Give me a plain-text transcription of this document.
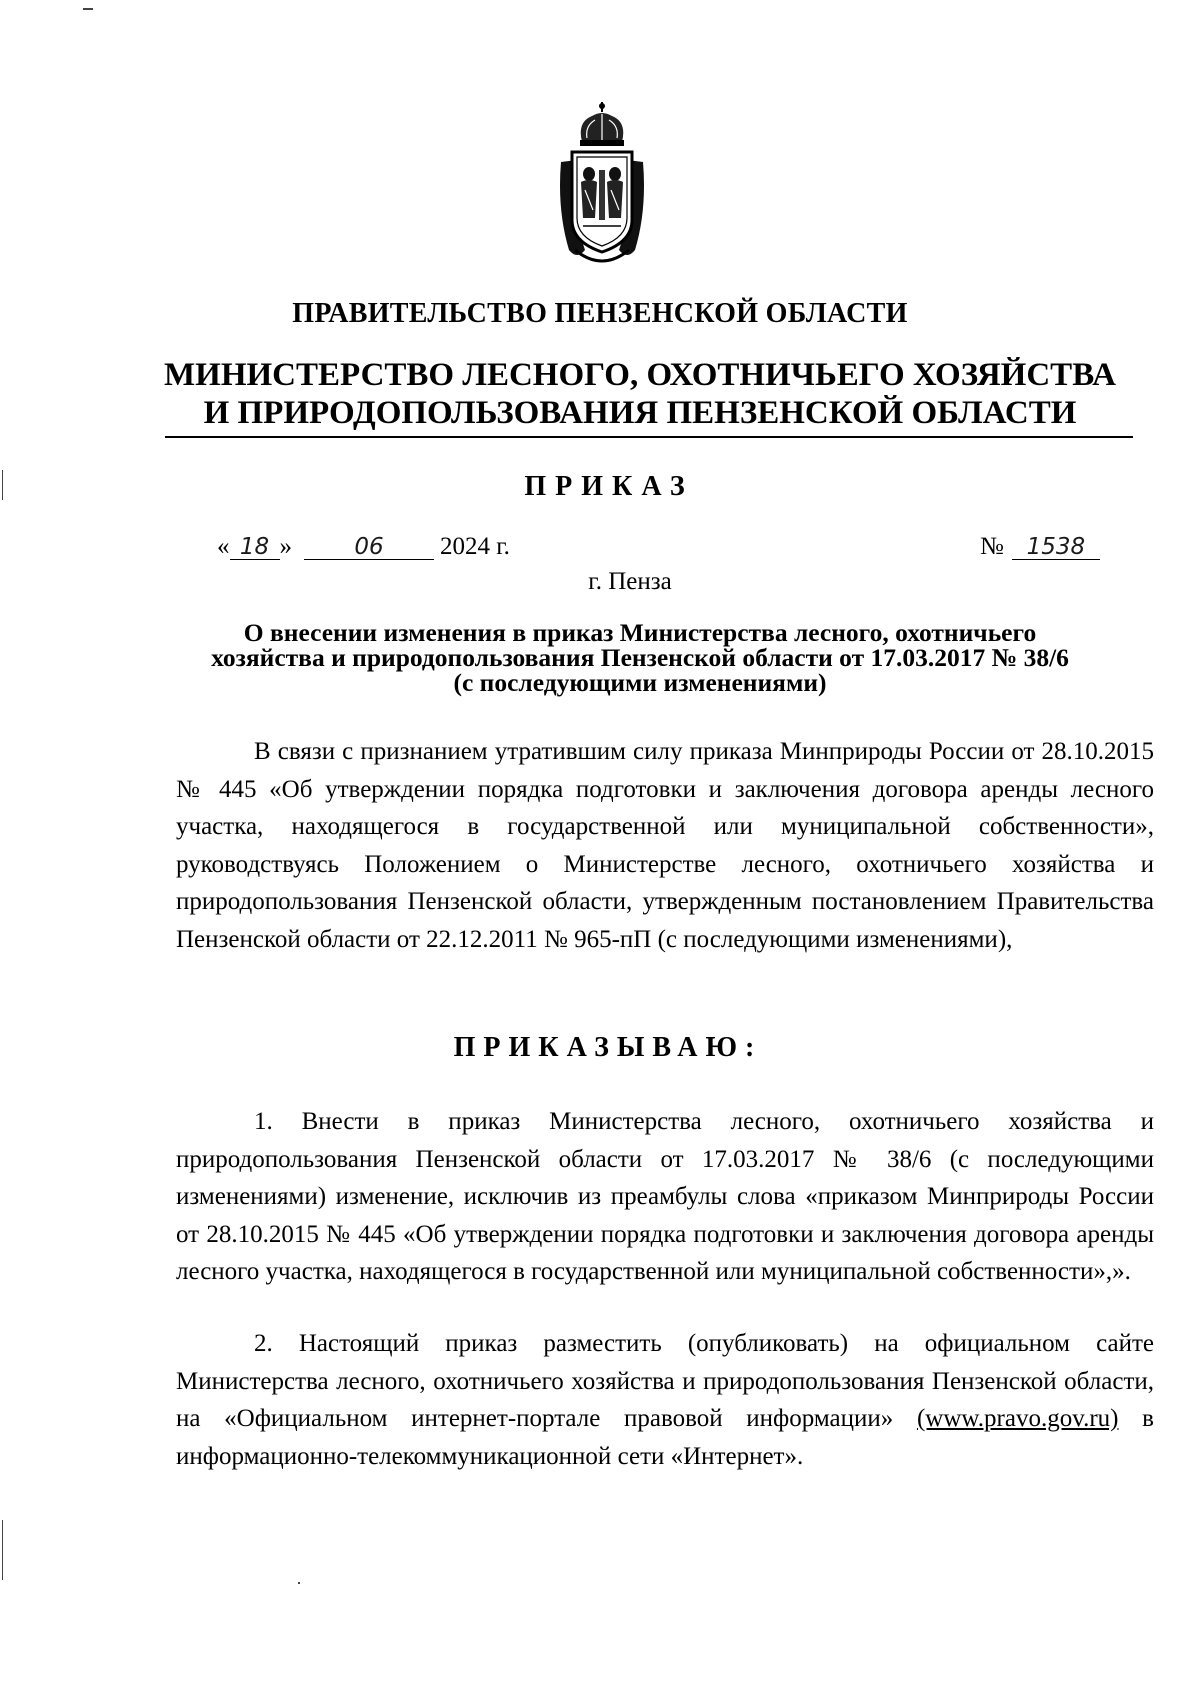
ПРАВИТЕЛЬСТВО ПЕНЗЕНСКОЙ ОБЛАСТИ
МИНИСТЕРСТВО ЛЕСНОГО, ОХОТНИЧЬЕГО ХОЗЯЙСТВА
И ПРИРОДОПОЛЬЗОВАНИЯ ПЕНЗЕНСКОЙ ОБЛАСТИ
ПРИКАЗ
« 18 »	06 2024 г.	№ 1538
г. Пенза
О внесении изменения в приказ Министерства лесного, охотничьего
хозяйства и природопользования Пензенской области от 17.03.2017 № 38/6
(с последующими изменениями)
В связи с признанием утратившим силу приказа Минприроды России от 28.10.2015 № 445 «Об утверждении порядка подготовки и заключения договора аренды лесного участка, находящегося в государственной или муниципальной собственности», руководствуясь Положением о Министерстве лесного, охотничьего хозяйства и природопользования Пензенской области, утвержденным постановлением Правительства Пензенской области от 22.12.2011 № 965-пП (с последующими изменениями),
ПРИКАЗЫВАЮ:
1. Внести в приказ Министерства лесного, охотничьего хозяйства и природопользования Пензенской области от 17.03.2017 № 38/6 (с последующими изменениями) изменение, исключив из преамбулы слова «приказом Минприроды России от 28.10.2015 № 445 «Об утверждении порядка подготовки и заключения договора аренды лесного участка, находящегося в государственной или муниципальной собственности»,».
2. Настоящий приказ разместить (опубликовать) на официальном сайте Министерства лесного, охотничьего хозяйства и природопользования Пензенской области, на «Официальном интернет-портале правовой информации» (www.pravo.gov.ru) в информационно-телекоммуникационной сети «Интернет».
